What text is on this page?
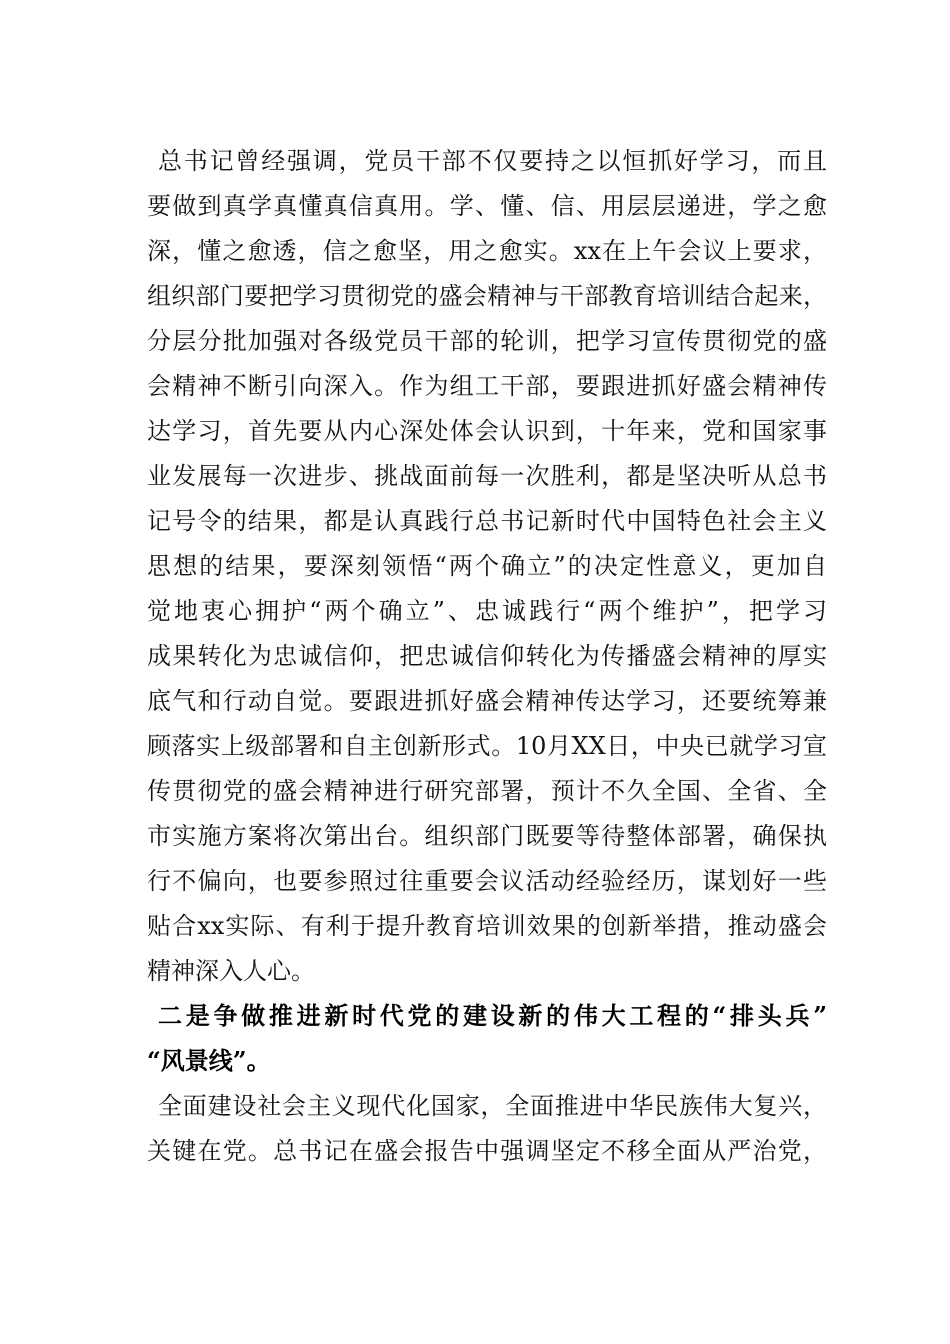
总书记曾经强调，党员干部不仅要持之以恒抓好学习，而且

要做到真学真懂真信真用。学、懂、信、用层层递进，学之愈

深，懂之愈透，信之愈坚，用之愈实。xx在上午会议上要求，

组织部门要把学习贯彻党的盛会精神与干部教育培训结合起来，

分层分批加强对各级党员干部的轮训，把学习宣传贯彻党的盛

会精神不断引向深入。作为组工干部，要跟进抓好盛会精神传

达学习，首先要从内心深处体会认识到，十年来，党和国家事

业发展每一次进步、挑战面前每一次胜利，都是坚决听从总书

记号令的结果，都是认真践行总书记新时代中国特色社会主义

思想的结果，要深刻领悟“两个确立”的决定性意义，更加自

觉地衷心拥护“两个确立”、忠诚践行“两个维护”，把学习

成果转化为忠诚信仰，把忠诚信仰转化为传播盛会精神的厚实

底气和行动自觉。要跟进抓好盛会精神传达学习，还要统筹兼

顾落实上级部署和自主创新形式。10月XX日，中央已就学习宣

传贯彻党的盛会精神进行研究部署，预计不久全国、全省、全

市实施方案将次第出台。组织部门既要等待整体部署，确保执

行不偏向，也要参照过往重要会议活动经验经历，谋划好一些

贴合xx实际、有利于提升教育培训效果的创新举措，推动盛会

精神深入人心。

二是争做推进新时代党的建设新的伟大工程的“排头兵”

“风景线”。

全面建设社会主义现代化国家，全面推进中华民族伟大复兴，

关键在党。总书记在盛会报告中强调坚定不移全面从严治党，
